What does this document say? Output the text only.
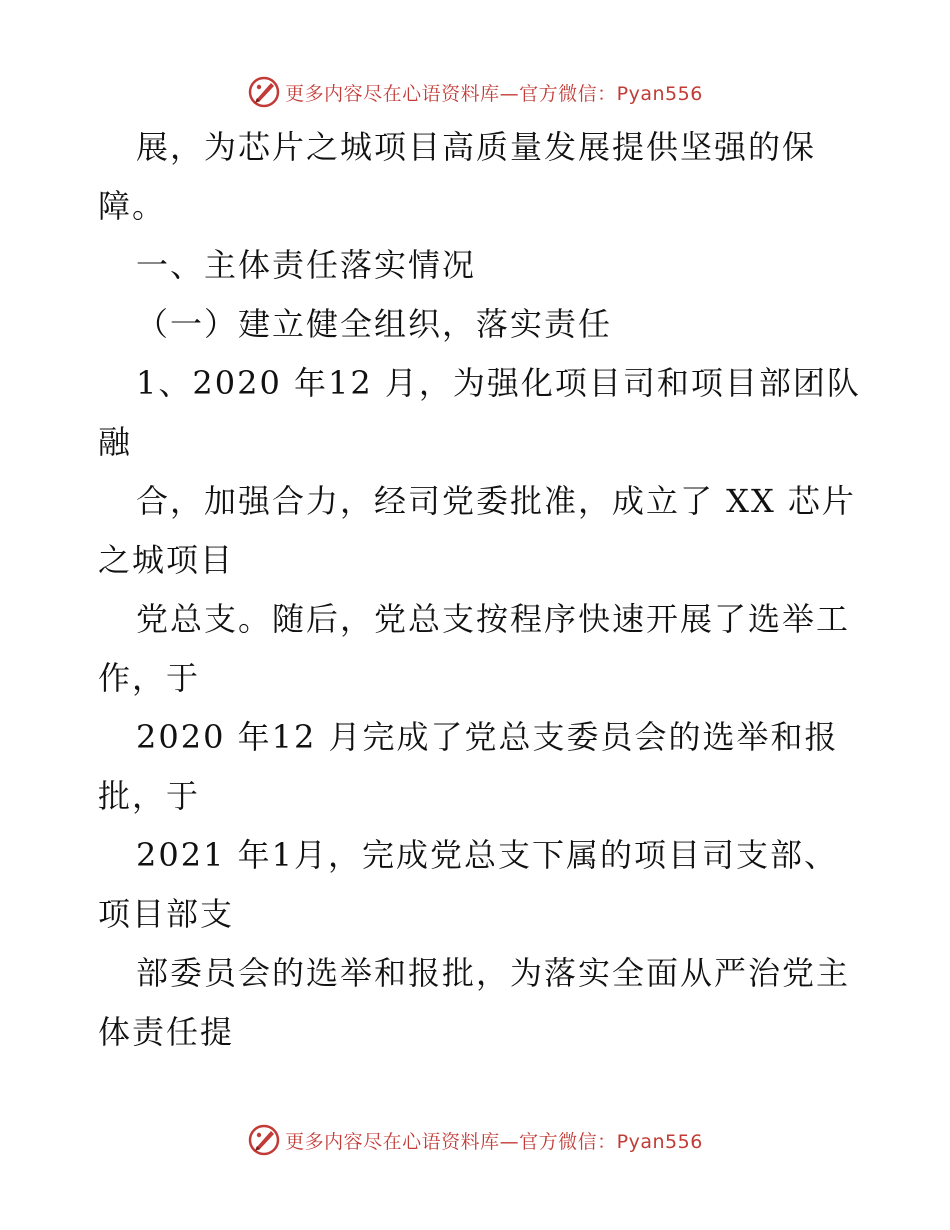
更多内容尽在心语资料库—官方微信：Pyan556
展，为芯片之城项目高质量发展提供坚强的保
障。
一、主体责任落实情况
（一）建立健全组织，落实责任
1、2020 年12 月，为强化项目司和项目部团队
融
合，加强合力，经司党委批准，成立了 XX 芯片
之城项目
党总支。随后，党总支按程序快速开展了选举工
作，于
2020 年12 月完成了党总支委员会的选举和报
批，于
2021 年1月，完成党总支下属的项目司支部、
项目部支
部委员会的选举和报批，为落实全面从严治党主
体责任提
更多内容尽在心语资料库—官方微信：Pyan556
